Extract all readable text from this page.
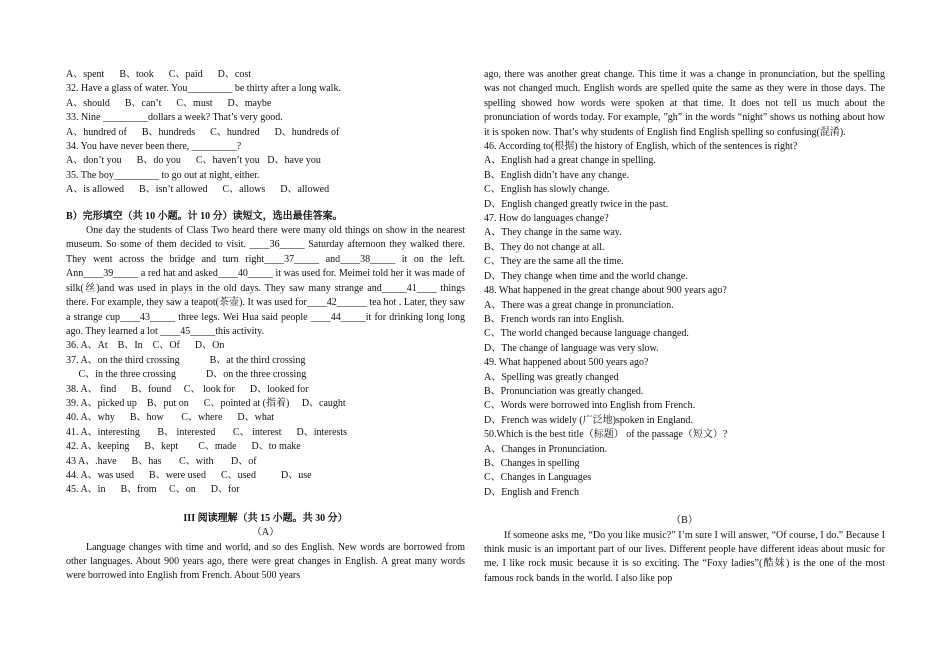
A、spent      B、took      C、paid      D、cost

32. Have a glass of water. You_________ be thirty after a long walk.

A、should      B、can’t      C、must      D、maybe

33. Nine _________dollars a week? That’s very good.

A、hundred of      B、hundreds      C、hundred      D、hundreds of

34. You have never been there, _________?

A、don’t you      B、do you      C、haven’t you   D、have you

35. The boy_________ to go out at night, either.

A、is allowed      B、isn’t allowed      C、allows      D、allowed

B）完形填空（共 10 小题。计 10 分）读短文，选出最佳答案。

One day the students of Class Two heard there were many old things on show in the nearest museum. So some of them decided to visit. ____36_____ Saturday afternoon they walked there. They went across the bridge and turn right____37_____ and____38_____ it on the left. Ann____39_____ a red hat and asked____40_____ it was used for. Meimei told her it was made of silk(丝)and was used in plays in the old days. They saw many strange and_____41____ things there. For example, they saw a teapot(茶壶). It was used for____42______ tea hot . Later, they saw a strange cup____43_____ three legs. Wei Hua said people ____44_____it for drinking long long ago. They learned a lot ____45_____this activity.

36. A、At    B、In    C、Of      D、On

37. A、on the third crossing            B、at the third crossing

C、in the three crossing            D、on the three crossing

38. A、 find      B、found     C、 look for      D、looked for

39. A、picked up    B、put on      C、pointed at (指着)     D、caught

40. A、why      B、how       C、where      D、what

41. A、interesting       B、 interested       C、 interest      D、interests

42. A、keeping      B、kept        C、made      D、to make

43 A、.have      B、has       C、with       D、of

44. A、was used      B、were used      C、used          D、use

45. A、in      B、from     C、on      D、for

III 阅读理解（共 15 小题。共 30 分）

（A）

Language changes with time and world, and so des English. New words are borrowed from other languages. About 900 years ago, there were great changes in English. A great many words were borrowed into English from French. About 500 years

ago, there was another great change. This time it was a change in pronunciation, but the spelling was not changed much. English words are spelled quite the same as they were in those days. The spelling showed how words were spoken at that time. It does not tell us much about the pronunciation of words today. For example, ”gh” in the words “night” shows us nothing about how it is spoken now. That’s why students of English find English spelling so confusing(混淆).

46. According to(根据) the history of English, which of the sentences is right?

A、English had a great change in spelling.

B、English didn’t have any change.

C、English has slowly change.

D、English changed greatly twice in the past.

47. How do languages change?

A、They change in the same way.

B、They do not change at all.

C、They are the same all the time.

D、They change when time and the world change.

48. What happened in the great change about 900 years ago?

A、There was a great change in pronunciation.

B、French words ran into English.

C、The world changed because language changed.

D、The change of language was very slow.

49. What happened about 500 years ago?

A、Spelling was greatly changed

B、Pronunciation was greatly changed.

C、Words were borrowed into English from French.

D、French was widely (广泛地)spoken in England.

50.Which is the best title（标题） of the passage（短文）?

A、Changes in Pronunciation.

B、Changes in spelling

C、Changes in Languages

D、English and French

（B）

If someone asks me, “Do you like music?” I’m sure I will answer, “Of course, I do.” Because I think music is an important part of our lives. Different people have different ideas about music for me. I like rock music because it is so exciting. The “Foxy ladies”(酷妹) is the one of the most famous rock bands in the world. I also like pop
